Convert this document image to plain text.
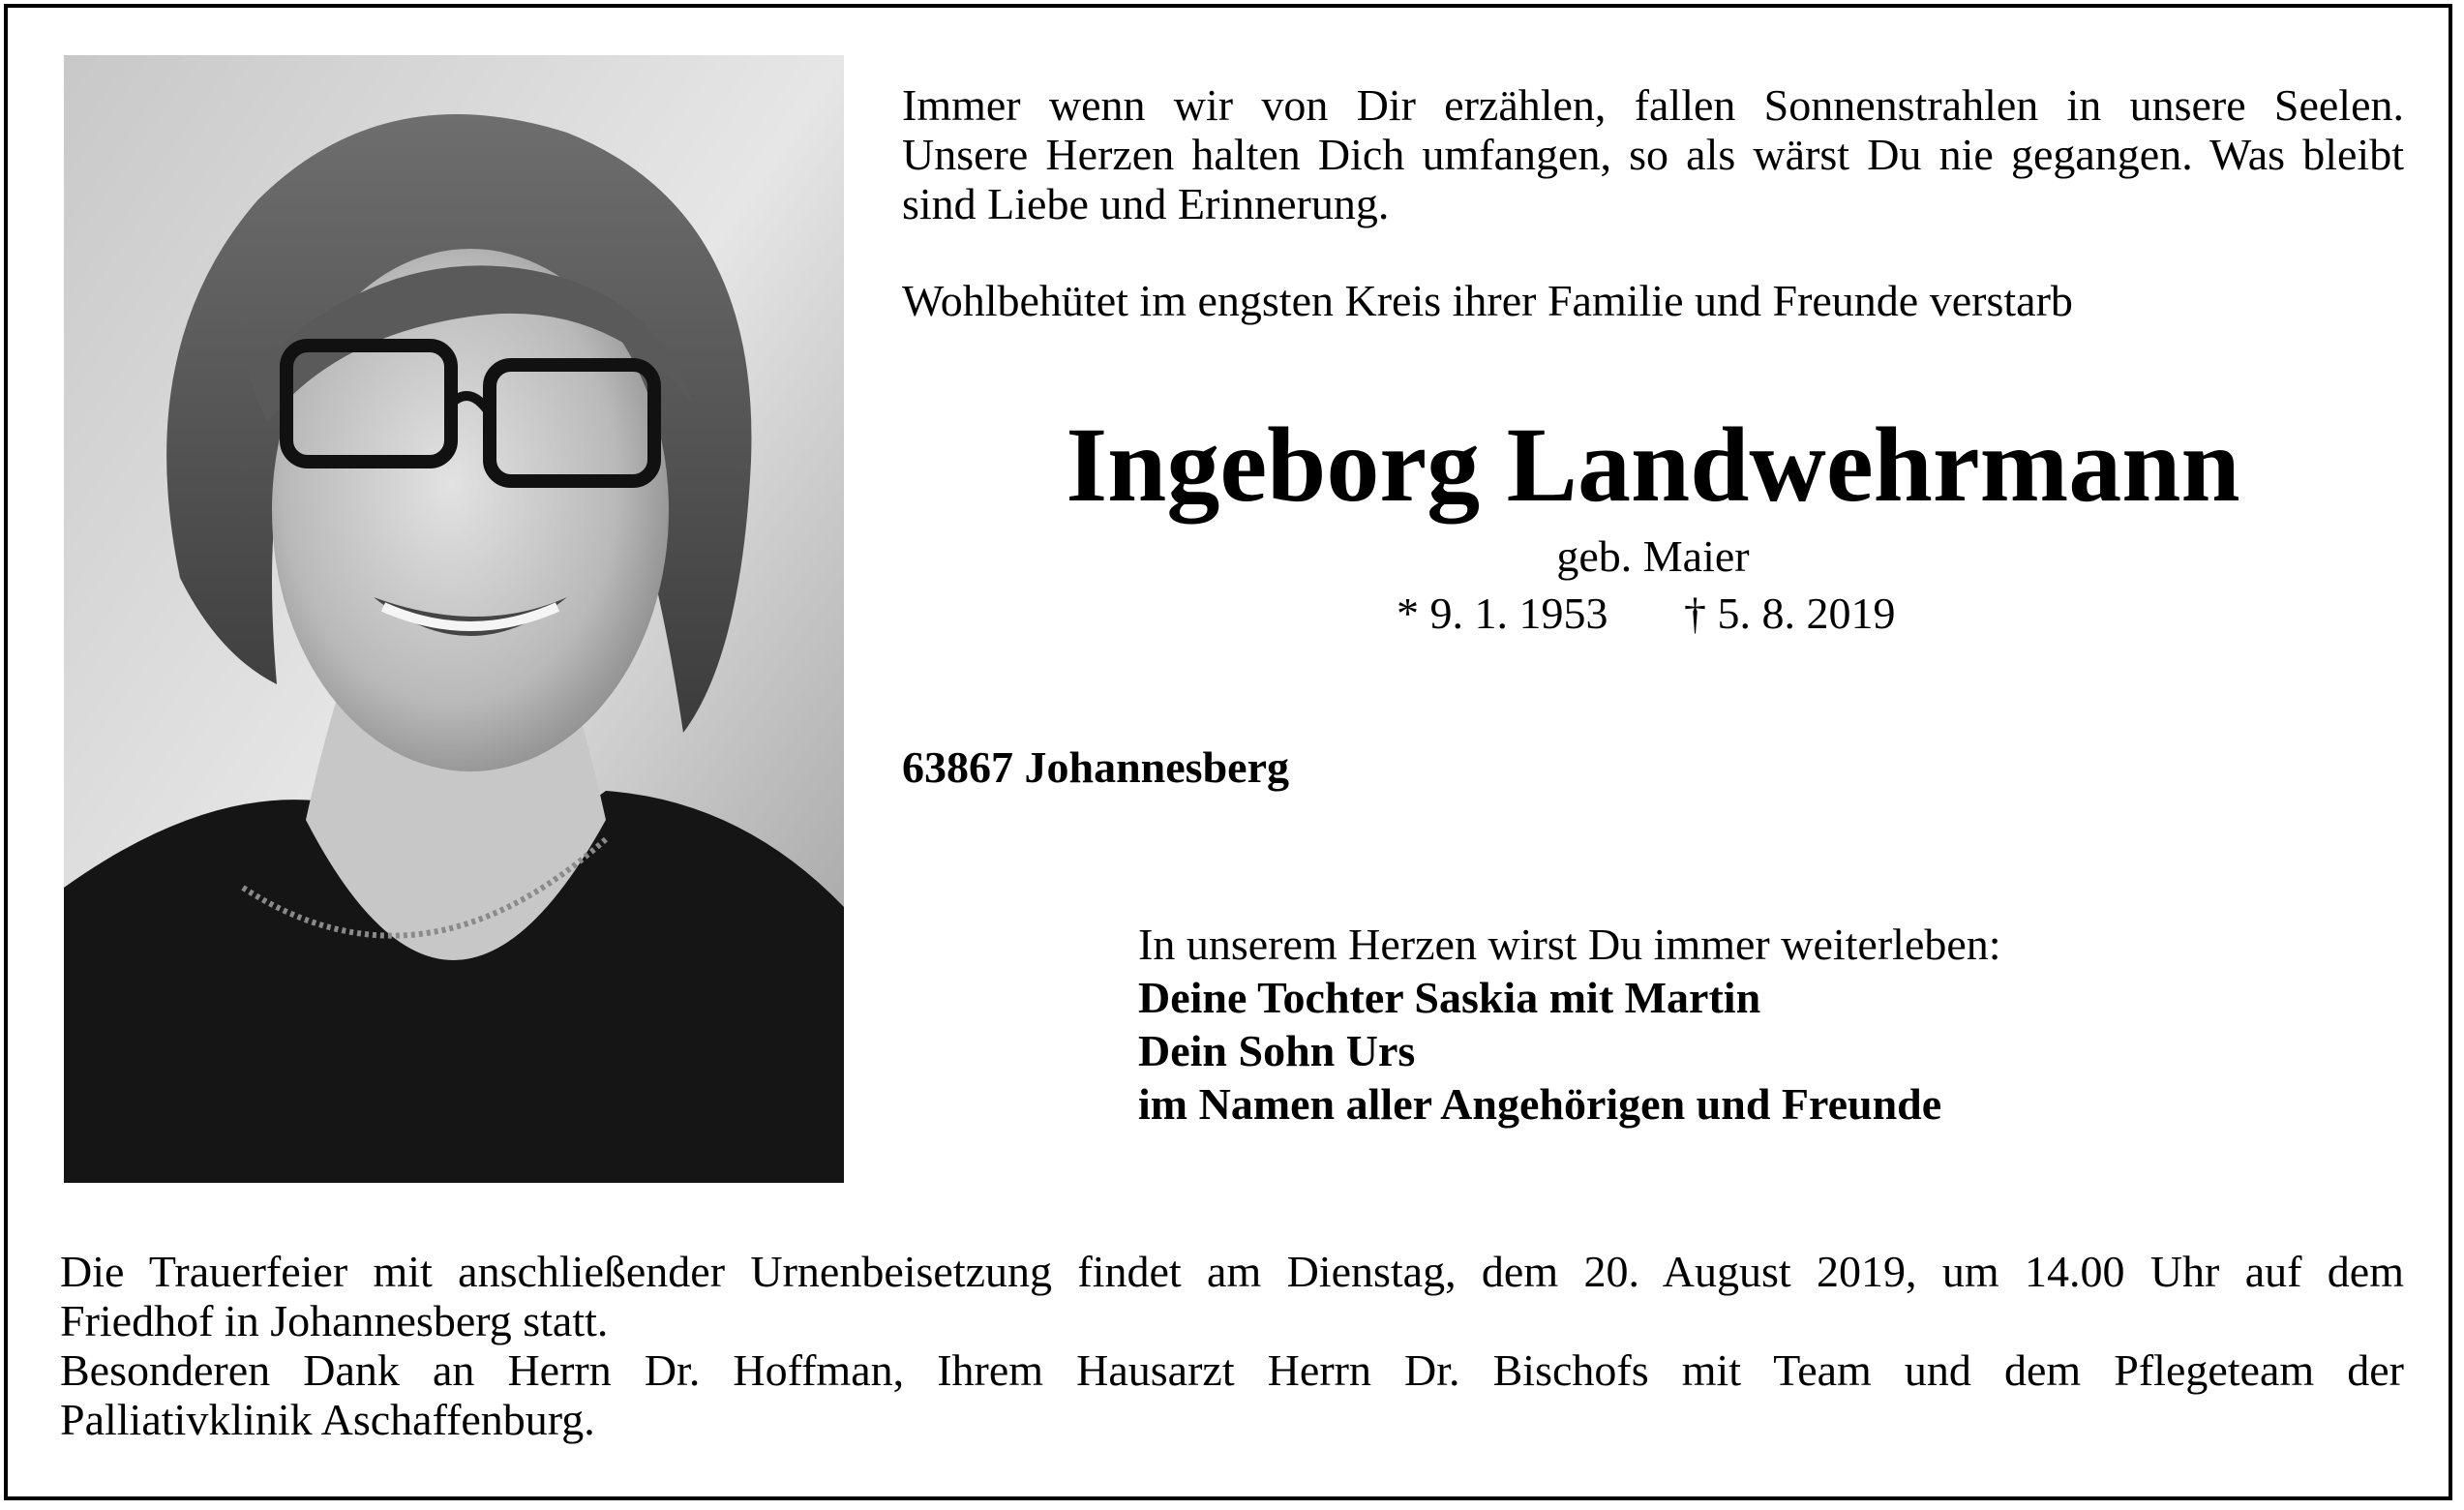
Immer wenn wir von Dir erzählen, fallen Sonnenstrahlen in unsere Seelen.
Unsere Herzen halten Dich umfangen, so als wärst Du nie gegangen. Was bleibt
sind Liebe und Erinnerung.
Wohlbehütet im engsten Kreis ihrer Familie und Freunde verstarb
Ingeborg Landwehrmann
geb. Maier
* 9. 1. 1953 † 5. 8. 2019
63867 Johannesberg
In unserem Herzen wirst Du immer weiterleben:
Deine Tochter Saskia mit Martin
Dein Sohn Urs
im Namen aller Angehörigen und Freunde
Die Trauerfeier mit anschließender Urnenbeisetzung findet am Dienstag, dem 20. August 2019, um 14.00 Uhr auf dem
Friedhof in Johannesberg statt.
Besonderen Dank an Herrn Dr. Hoffman, Ihrem Hausarzt Herrn Dr. Bischofs mit Team und dem Pflegeteam der
Palliativklinik Aschaffenburg.
